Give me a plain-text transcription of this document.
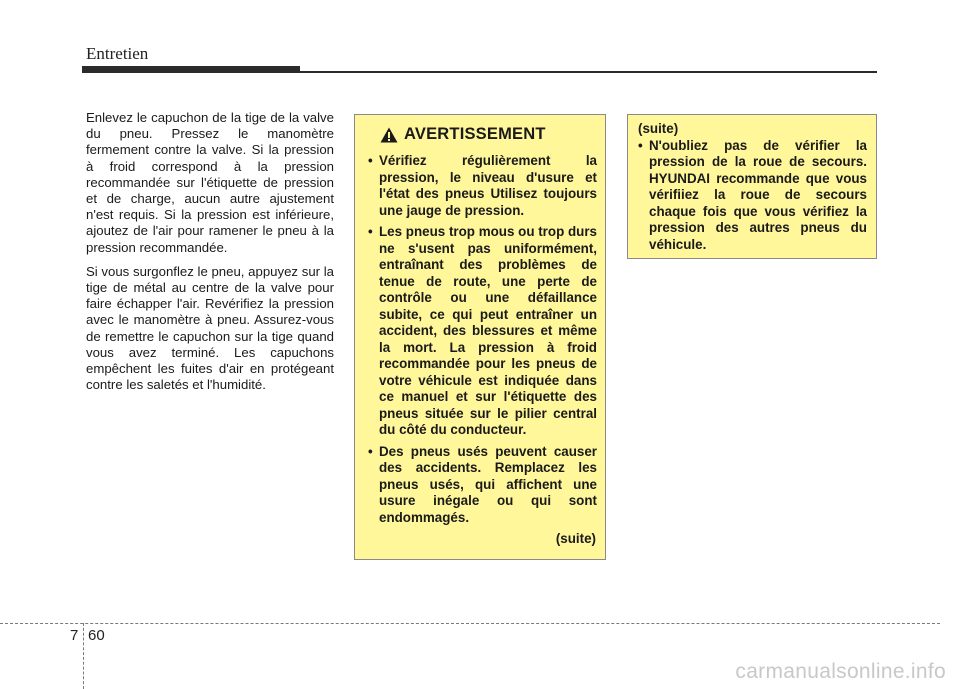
Entretien

Enlevez le capuchon de la tige de la valve du pneu. Pressez le manomètre fermement contre la valve. Si la pression à froid correspond à la pression recommandée sur l'étiquette de pression et de charge, aucun autre ajustement n'est requis. Si la pression est inférieure, ajoutez de l'air pour ramener le pneu à la pression recommandée.

Si vous surgonflez le pneu, appuyez sur la tige de métal au centre de la valve pour faire échapper l'air. Revérifiez la pression avec le manomètre à pneu. Assurez-vous de remettre le capuchon sur la tige quand vous avez terminé. Les capuchons empêchent les fuites d'air en protégeant contre les saletés et l'humidité.

AVERTISSEMENT
• Vérifiez régulièrement la pression, le niveau d'usure et l'état des pneus Utilisez toujours une jauge de pression.
• Les pneus trop mous ou trop durs ne s'usent pas uniformément, entraînant des problèmes de tenue de route, une perte de contrôle ou une défaillance subite, ce qui peut entraîner un accident, des blessures et même la mort. La pression à froid recommandée pour les pneus de votre véhicule est indiquée dans ce manuel et sur l'étiquette des pneus située sur le pilier central du côté du conducteur.
• Des pneus usés peuvent causer des accidents. Remplacez les pneus usés, qui affichent une usure inégale ou qui sont endommagés.
(suite)
(suite)
• N'oubliez pas de vérifier la pression de la roue de secours. HYUNDAI recommande que vous vérifiiez la roue de secours chaque fois que vous vérifiez la pression des autres pneus du véhicule.
7 60
carmanualsonline.info
